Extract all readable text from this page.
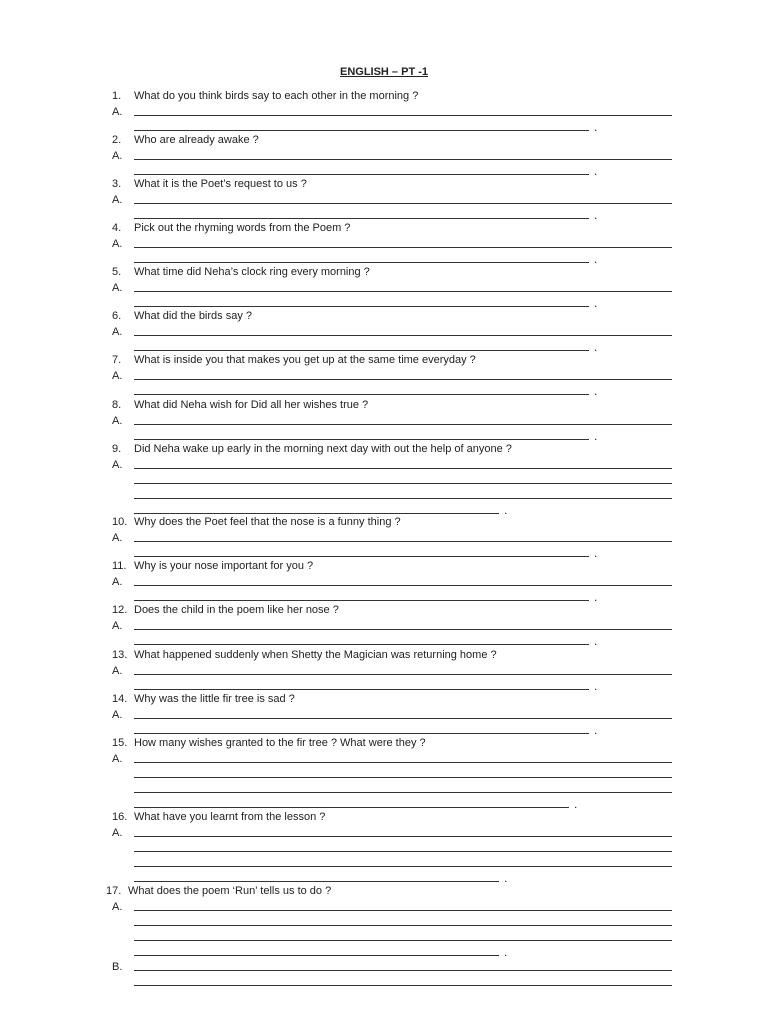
ENGLISH – PT -1
1. What do you think birds say to each other in the morning ?
A.
.
2. Who are already awake ?
A.
.
3. What it is the Poet’s request to us ?
A.
.
4. Pick out the rhyming words from the Poem ?
A.
.
5. What time did Neha’s clock ring every morning ?
A.
.
6. What did the birds say ?
A.
.
7. What is inside you that makes you get up at the same time everyday ?
A.
.
8. What did Neha wish for Did all her wishes true ?
A.
.
9. Did Neha wake up early in the morning next day with out the help of anyone ?
A.
.
10. Why does the Poet feel that the nose is a funny thing ?
A.
.
11. Why is your nose important for you ?
A.
.
12. Does the child in the poem like her nose ?
A.
.
13. What happened suddenly when Shetty the Magician was returning home ?
A.
.
14. Why was the little fir tree is sad ?
A.
.
15. How many wishes granted to the fir tree ? What were they ?
A.
.
16. What have you learnt from the lesson ?
A.
.
17. What does the poem ‘Run’ tells us to do ?
A.
.
B.
